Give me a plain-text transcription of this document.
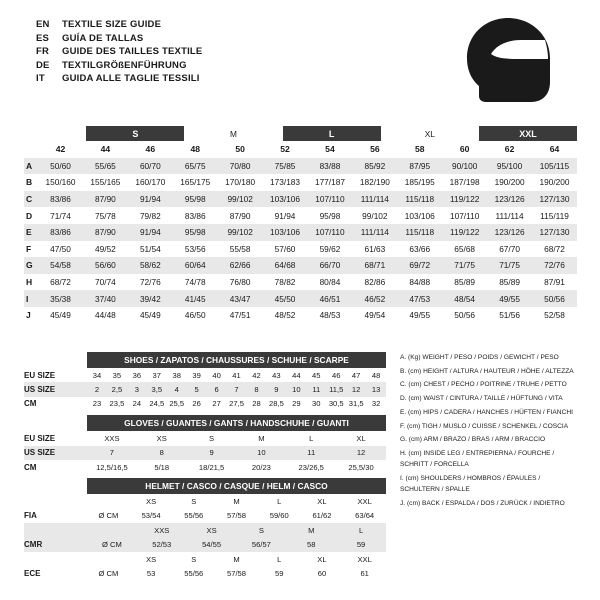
EN	TEXTILE SIZE GUIDE
ES	GUÍA DE TALLAS
FR	GUIDE DES TAILLES TEXTILE
DE	TEXTILGRÖßENFÜHRUNG
IT	GUIDA ALLE TAGLIE TESSILI
S	M	L	XL	XXL
42	44	46	48	50	52	54	56	58	60	62	64
A	50/60	55/65	60/70	65/75	70/80	75/85	83/88	85/92	87/95	90/100	95/100	105/115
B	150/160	155/165	160/170	165/175	170/180	173/183	177/187	182/190	185/195	187/198	190/200	190/200
C	83/86	87/90	91/94	95/98	99/102	103/106	107/110	111/114	115/118	119/122	123/126	127/130
D	71/74	75/78	79/82	83/86	87/90	91/94	95/98	99/102	103/106	107/110	111/114	115/119
E	83/86	87/90	91/94	95/98	99/102	103/106	107/110	111/114	115/118	119/122	123/126	127/130
F	47/50	49/52	51/54	53/56	55/58	57/60	59/62	61/63	63/66	65/68	67/70	68/72
G	54/58	56/60	58/62	60/64	62/66	64/68	66/70	68/71	69/72	71/75	71/75	72/76
H	68/72	70/74	72/76	74/78	76/80	78/82	80/84	82/86	84/88	85/89	85/89	87/91
I	35/38	37/40	39/42	41/45	43/47	45/50	46/51	46/52	47/53	48/54	49/55	50/56
J	45/49	44/48	45/49	46/50	47/51	48/52	48/53	49/54	49/55	50/56	51/56	52/58
SHOES / ZAPATOS / CHAUSSURES / SCHUHE / SCARPE
EU SIZE	34	35	36	37	38	39	40	41	42	43	44	45	46	47	48
US SIZE	2	2,5	3	3,5	4	5	6	7	8	9	10	11	11,5	12	13
CM	23	23,5	24	24,5 25,5	26	27	27,5	28	28,5	29	30	30,5 31,5	32
GLOVES / GUANTES / GANTS / HANDSCHUHE / GUANTI
EU SIZE	XXS	XS	S	M	L	XL
US SIZE	7	8	9	10	11	12
CM	12,5/16,5	5/18	18/21,5	20/23	23/26,5	25,5/30
HELMET / CASCO / CASQUE / HELM / CASCO
XS	S	M	L	XL	XXL
FIA	Ø CM	53/54	55/56	57/58	59/60	61/62	63/64
XXS	XS	S	M	L
CMR	Ø CM	52/53	54/55	56/57	58	59
XS	S	M	L	XL	XXL
ECE	Ø CM	53	55/56	57/58	59	60	61
A. (Kg) WEIGHT / PESO / POIDS / GEWICHT / PESO
B. (cm) HEIGHT / ALTURA / HAUTEUR / HÖHE / ALTEZZA
C. (cm) CHEST / PECHO / POITRINE / TRUHE / PETTO
D. (cm) WAIST / CINTURA / TAILLE / HÜFTUNG / VITA
E. (cm) HIPS / CADERA / HANCHES / HÜFTEN / FIANCHI
F. (cm) TIGH / MUSLO / CUISSE / SCHENKEL / COSCIA
G. (cm) ARM / BRAZO / BRAS / ARM / BRACCIO
H. (cm) INSIDE LEG / ENTREPIERNA / FOURCHE / SCHRITT / FORCELLA
I. (cm) SHOULDERS / HOMBROS / ÉPAULES / SCHULTERN / SPALLE
J. (cm) BACK / ESPALDA / DOS / ZURÜCK / INDIETRO
